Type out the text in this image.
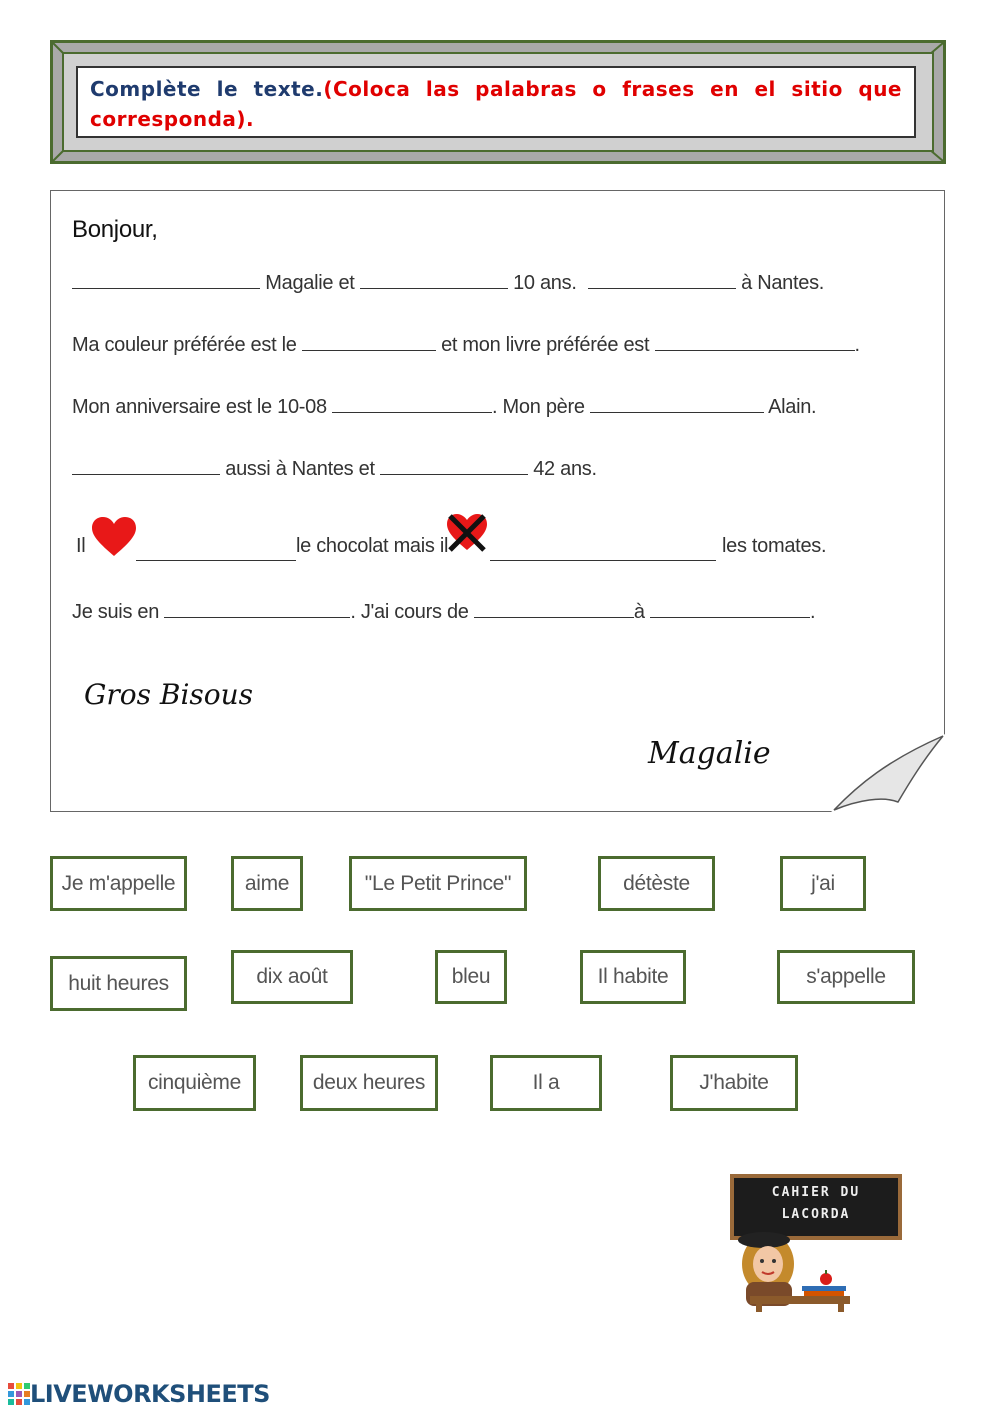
Complète le texte.(Coloca las palabras o frases en el sitio que corresponda).
Bonjour,
Magalie et	10 ans.	à Nantes.
Ma couleur préférée est le	et mon livre préférée est	.
Mon anniversaire est le 10-08	. Mon père	Alain.
aussi à Nantes et	42 ans.
Il	le chocolat mais il	les tomates.
Je suis en	. J'ai cours de	à	.
Gros Bisous
Magalie
Je m'appelle	aime	"Le Petit Prince"	détèste	j'ai
huit heures	dix août	bleu	Il habite	s'appelle
cinquième	deux heures	Il a	J'habite
CAHIER DU
LACORDA
LIVEWORKSHEETS
